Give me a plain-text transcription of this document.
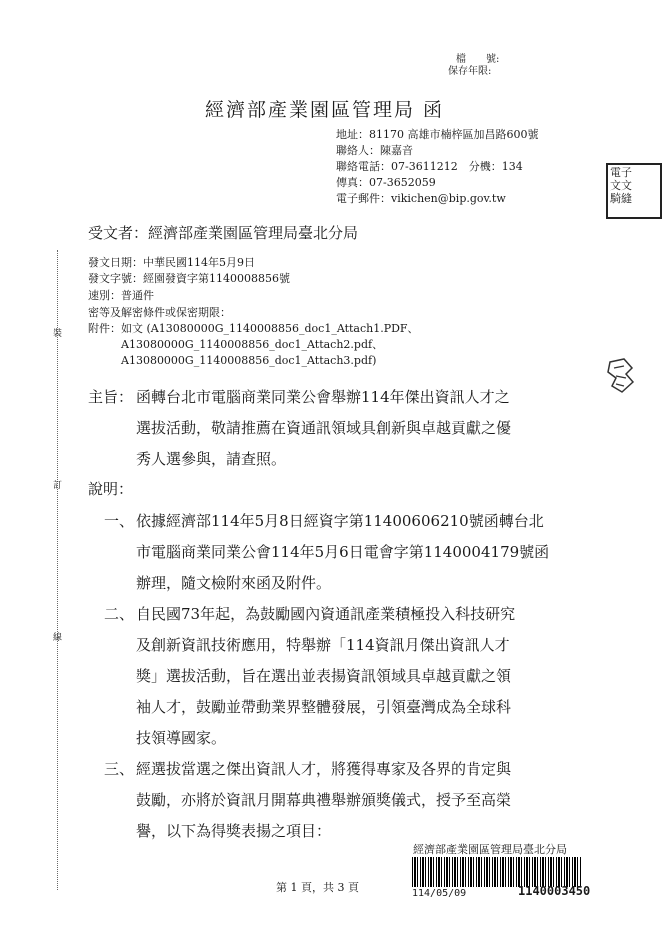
檔　　號:
保存年限:
經濟部產業園區管理局 函
地址：81170 高雄市楠梓區加昌路600號
聯絡人：陳嘉音
聯絡電話：07-3611212　分機：134
傳真：07-3652059
電子郵件：vikichen@bip.gov.tw
電子
文文
騎縫
受文者：經濟部產業園區管理局臺北分局
發文日期：中華民國114年5月9日
發文字號：經園發資字第1140008856號
速別：普通件
密等及解密條件或保密期限：
附件：如文 (A13080000G_1140008856_doc1_Attach1.PDF、
A13080000G_1140008856_doc1_Attach2.pdf、
A13080000G_1140008856_doc1_Attach3.pdf)
主旨： 函轉台北市電腦商業同業公會舉辦114年傑出資訊人才之
選拔活動，敬請推薦在資通訊領域具創新與卓越貢獻之優
秀人選參與，請查照。
說明：
一、 依據經濟部114年5月8日經資字第11400606210號函轉台北
市電腦商業同業公會114年5月6日電會字第1140004179號函
辦理，隨文檢附來函及附件。
二、 自民國73年起，為鼓勵國內資通訊產業積極投入科技研究
及創新資訊技術應用，特舉辦「114資訊月傑出資訊人才
獎」選拔活動，旨在選出並表揚資訊領域具卓越貢獻之領
袖人才，鼓勵並帶動業界整體發展，引領臺灣成為全球科
技領導國家。
三、 經選拔當選之傑出資訊人才，將獲得專家及各界的肯定與
鼓勵，亦將於資訊月開幕典禮舉辦頒獎儀式，授予至高榮
譽，以下為得獎表揚之項目：
裝
訂
線
第 1 頁，共 3 頁
經濟部產業園區管理局臺北分局
114/05/09	1140003450
